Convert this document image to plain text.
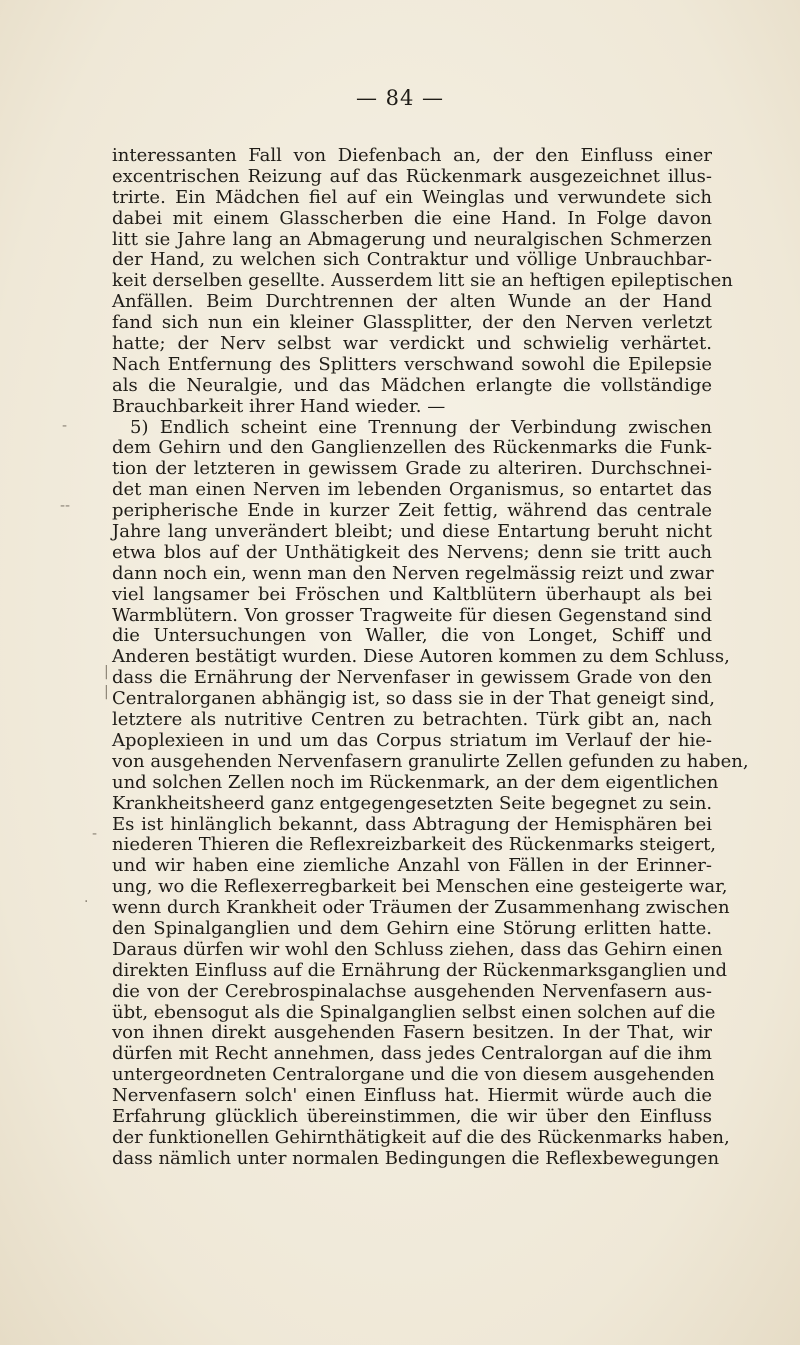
— 84 —
interessanten Fall von Diefenbach an, der den Einfluss einer
excentrischen Reizung auf das Rückenmark ausgezeichnet illus-
trirte. Ein Mädchen fiel auf ein Weinglas und verwundete sich
dabei mit einem Glasscherben die eine Hand. In Folge davon
litt sie Jahre lang an Abmagerung und neuralgischen Schmerzen
der Hand, zu welchen sich Contraktur und völlige Unbrauchbar-
keit derselben gesellte. Ausserdem litt sie an heftigen epileptischen
Anfällen. Beim Durchtrennen der alten Wunde an der Hand
fand sich nun ein kleiner Glassplitter, der den Nerven verletzt
hatte; der Nerv selbst war verdickt und schwielig verhärtet.
Nach Entfernung des Splitters verschwand sowohl die Epilepsie
als die Neuralgie, und das Mädchen erlangte die vollständige
Brauchbarkeit ihrer Hand wieder. —
5) Endlich scheint eine Trennung der Verbindung zwischen
dem Gehirn und den Ganglienzellen des Rückenmarks die Funk-
tion der letzteren in gewissem Grade zu alteriren. Durchschnei-
det man einen Nerven im lebenden Organismus, so entartet das
peripherische Ende in kurzer Zeit fettig, während das centrale
Jahre lang unverändert bleibt; und diese Entartung beruht nicht
etwa blos auf der Unthätigkeit des Nervens; denn sie tritt auch
dann noch ein, wenn man den Nerven regelmässig reizt und zwar
viel langsamer bei Fröschen und Kaltblütern überhaupt als bei
Warmblütern. Von grosser Tragweite für diesen Gegenstand sind
die Untersuchungen von Waller, die von Longet, Schiff und
Anderen bestätigt wurden. Diese Autoren kommen zu dem Schluss,
dass die Ernährung der Nervenfaser in gewissem Grade von den
Centralorganen abhängig ist, so dass sie in der That geneigt sind,
letztere als nutritive Centren zu betrachten. Türk gibt an, nach
Apoplexieen in und um das Corpus striatum im Verlauf der hie-
von ausgehenden Nervenfasern granulirte Zellen gefunden zu haben,
und solchen Zellen noch im Rückenmark, an der dem eigentlichen
Krankheitsheerd ganz entgegengesetzten Seite begegnet zu sein.
Es ist hinlänglich bekannt, dass Abtragung der Hemisphären bei
niederen Thieren die Reflexreizbarkeit des Rückenmarks steigert,
und wir haben eine ziemliche Anzahl von Fällen in der Erinner-
ung, wo die Reflexerregbarkeit bei Menschen eine gesteigerte war,
wenn durch Krankheit oder Träumen der Zusammenhang zwischen
den Spinalganglien und dem Gehirn eine Störung erlitten hatte.
Daraus dürfen wir wohl den Schluss ziehen, dass das Gehirn einen
direkten Einfluss auf die Ernährung der Rückenmarksganglien und
die von der Cerebrospinalachse ausgehenden Nervenfasern aus-
übt, ebensogut als die Spinalganglien selbst einen solchen auf die
von ihnen direkt ausgehenden Fasern besitzen. In der That, wir
dürfen mit Recht annehmen, dass jedes Centralorgan auf die ihm
untergeordneten Centralorgane und die von diesem ausgehenden
Nervenfasern solch' einen Einfluss hat. Hiermit würde auch die
Erfahrung glücklich übereinstimmen, die wir über den Einfluss
der funktionellen Gehirnthätigkeit auf die des Rückenmarks haben,
dass nämlich unter normalen Bedingungen die Reflexbewegungen
-
--
|
|
-
.
